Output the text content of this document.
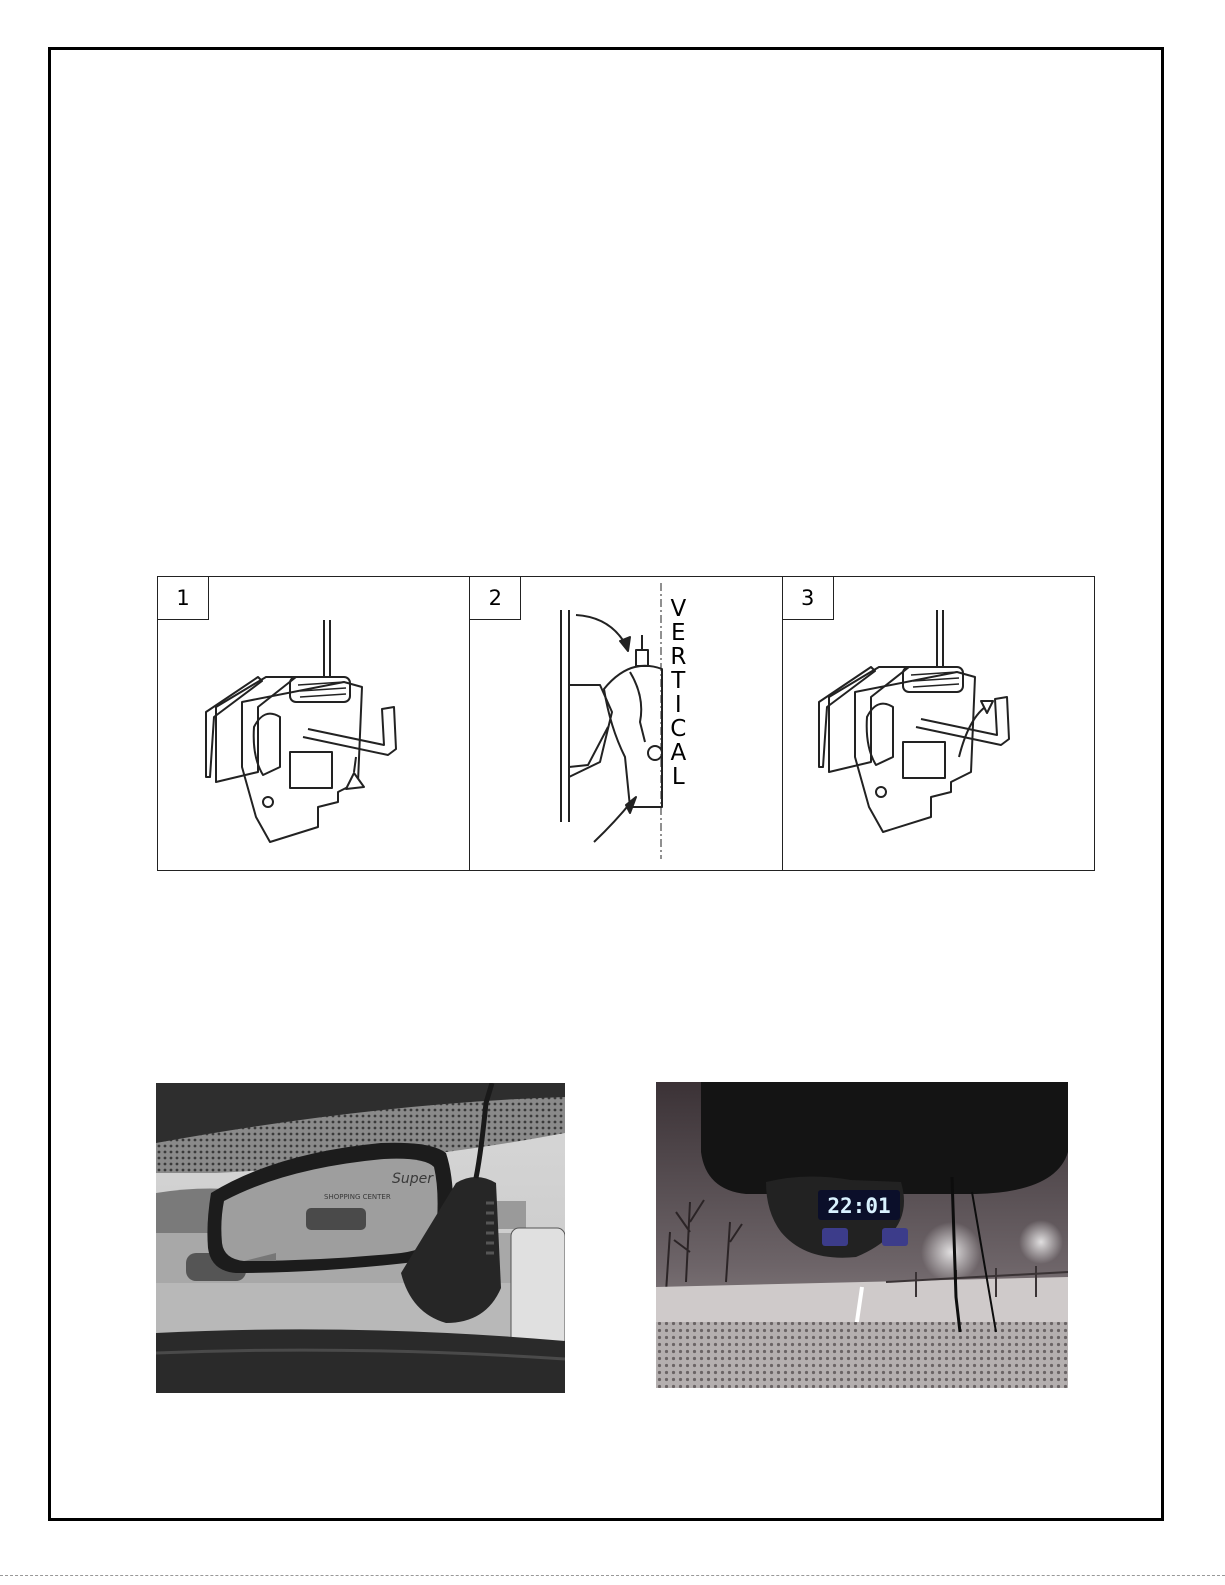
1	2	V
E
R
T
I
C
A
L
3
Super
SHOPPING CENTER	22:01
